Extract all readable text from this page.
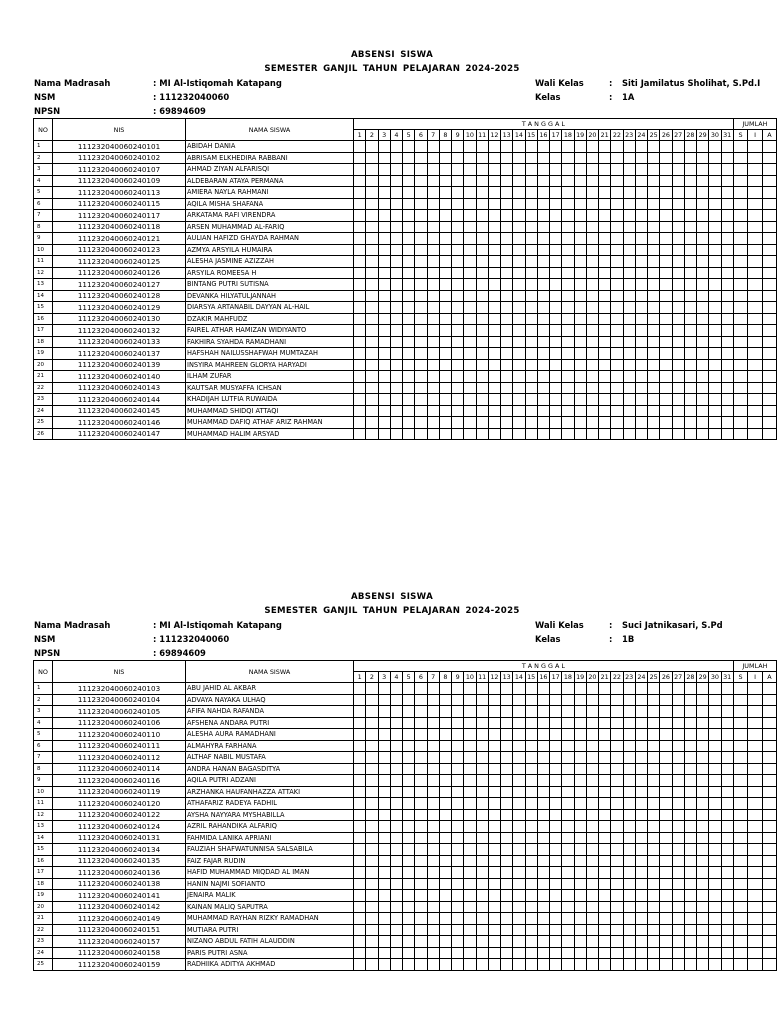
ABSENSI SISWA
SEMESTER GANJIL TAHUN PELAJARAN 2024-2025
Nama Madrasah	: MI Al-Istiqomah Katapang
NSM	: 111232040060
NPSN	: 69894609
Wali Kelas	: Siti Jamilatus Sholihat, S.Pd.I
Kelas	: 1A
NO	NIS	NAMA SISWA	T A N G G A L																															JUMLAH		
			1	2	3	4	5	6	7	8	9	10	11	12	13	14	15	16	17	18	19	20	21	22	23	24	25	26	27	28	29	30	31	S	I	A
1	111232040060240101	ABIDAH DANIA																																		
2	111232040060240102	ABRISAM ELKHEDIRA RABBANI																																		
3	111232040060240107	AHMAD ZIYAN ALFARISQI																																		
4	111232040060240109	ALDEBARAN ATAYA PERMANA																																		
5	111232040060240113	AMIERA NAYLA RAHMANI																																		
6	111232040060240115	AQILA MISHA SHAFANA																																		
7	111232040060240117	ARKATAMA RAFI VIRENDRA																																		
8	111232040060240118	ARSEN MUHAMMAD AL-FARIQ																																		
9	111232040060240121	AULIAN HAFIZD GHAYDA RAHMAN																																		
10	111232040060240123	AZMYA ARSYILA HUMAIRA																																		
11	111232040060240125	ALESHA JASMINE AZIZZAH																																		
12	111232040060240126	ARSYILA ROMEESA H																																		
13	111232040060240127	BINTANG PUTRI SUTISNA																																		
14	111232040060240128	DEVANKA HILYATULJANNAH																																		
15	111232040060240129	DIARSYA ARTANABIL DAYYAN AL-HAIL																																		
16	111232040060240130	DZAKIR MAHFUDZ																																		
17	111232040060240132	FAIREL ATHAR HAMIZAN WIDIYANTO																																		
18	111232040060240133	FAKHIRA SYAHDA RAMADHANI																																		
19	111232040060240137	HAFSHAH NAILUSSHAFWAH MUMTAZAH																																		
20	111232040060240139	INSYIRA MAHREEN GLORYA HARYADI																																		
21	111232040060240140	ILHAM ZUFAR																																		
22	111232040060240143	KAUTSAR MUSYAFFA ICHSAN																																		
23	111232040060240144	KHADIJAH LUTFIA RUWAIDA																																		
24	111232040060240145	MUHAMMAD SHIDQI ATTAQI																																		
25	111232040060240146	MUHAMMAD DAFIQ ATHAF ARIZ RAHMAN																																		
26	111232040060240147	MUHAMMAD HALIM ARSYAD																																		
ABSENSI SISWA
SEMESTER GANJIL TAHUN PELAJARAN 2024-2025
Nama Madrasah	: MI Al-Istiqomah Katapang
NSM	: 111232040060
NPSN	: 69894609
Wali Kelas	: Suci Jatnikasari, S.Pd
Kelas	: 1B
NO	NIS	NAMA SISWA	T A N G G A L																															JUMLAH		
			1	2	3	4	5	6	7	8	9	10	11	12	13	14	15	16	17	18	19	20	21	22	23	24	25	26	27	28	29	30	31	S	I	A
1	111232040060240103	ABU JAHID AL AKBAR																																		
2	111232040060240104	ADVAYA NAYAKA ULHAQ																																		
3	111232040060240105	AFIFA NAHDA RAFANDA																																		
4	111232040060240106	AFSHENA ANDARA PUTRI																																		
5	111232040060240110	ALESHA AURA RAMADHANI																																		
6	111232040060240111	ALMAHYRA FARHANA																																		
7	111232040060240112	ALTHAF NABIL MUSTAFA																																		
8	111232040060240114	ANDRA HANAN BAGASDITYA																																		
9	111232040060240116	AQILA PUTRI ADZANI																																		
10	111232040060240119	ARZHANKA HAUFANHAZZA ATTAKI																																		
11	111232040060240120	ATHAFARIZ RADEYA FADHIL																																		
12	111232040060240122	AYSHA NAYYARA MYSHABILLA																																		
13	111232040060240124	AZRIL RAHANDIKA ALFARIQ																																		
14	111232040060240131	FAHMIDA LANIKA APRIANI																																		
15	111232040060240134	FAUZIAH SHAFWATUNNISA SALSABILA																																		
16	111232040060240135	FAIZ FAJAR RUDIN																																		
17	111232040060240136	HAFID MUHAMMAD MIQDAD AL IMAN																																		
18	111232040060240138	HANIN NAJMI SOFIANTO																																		
19	111232040060240141	JENAIRA MALIK																																		
20	111232040060240142	KAINAN MALIQ SAPUTRA																																		
21	111232040060240149	MUHAMMAD RAYHAN RIZKY RAMADHAN																																		
22	111232040060240151	MUTIARA PUTRI																																		
23	111232040060240157	NIZANO ABDUL FATIH ALAUDDIN																																		
24	111232040060240158	PARIS PUTRI ASNA																																		
25	111232040060240159	RADHIIKA ADITYA AKHMAD																																		
